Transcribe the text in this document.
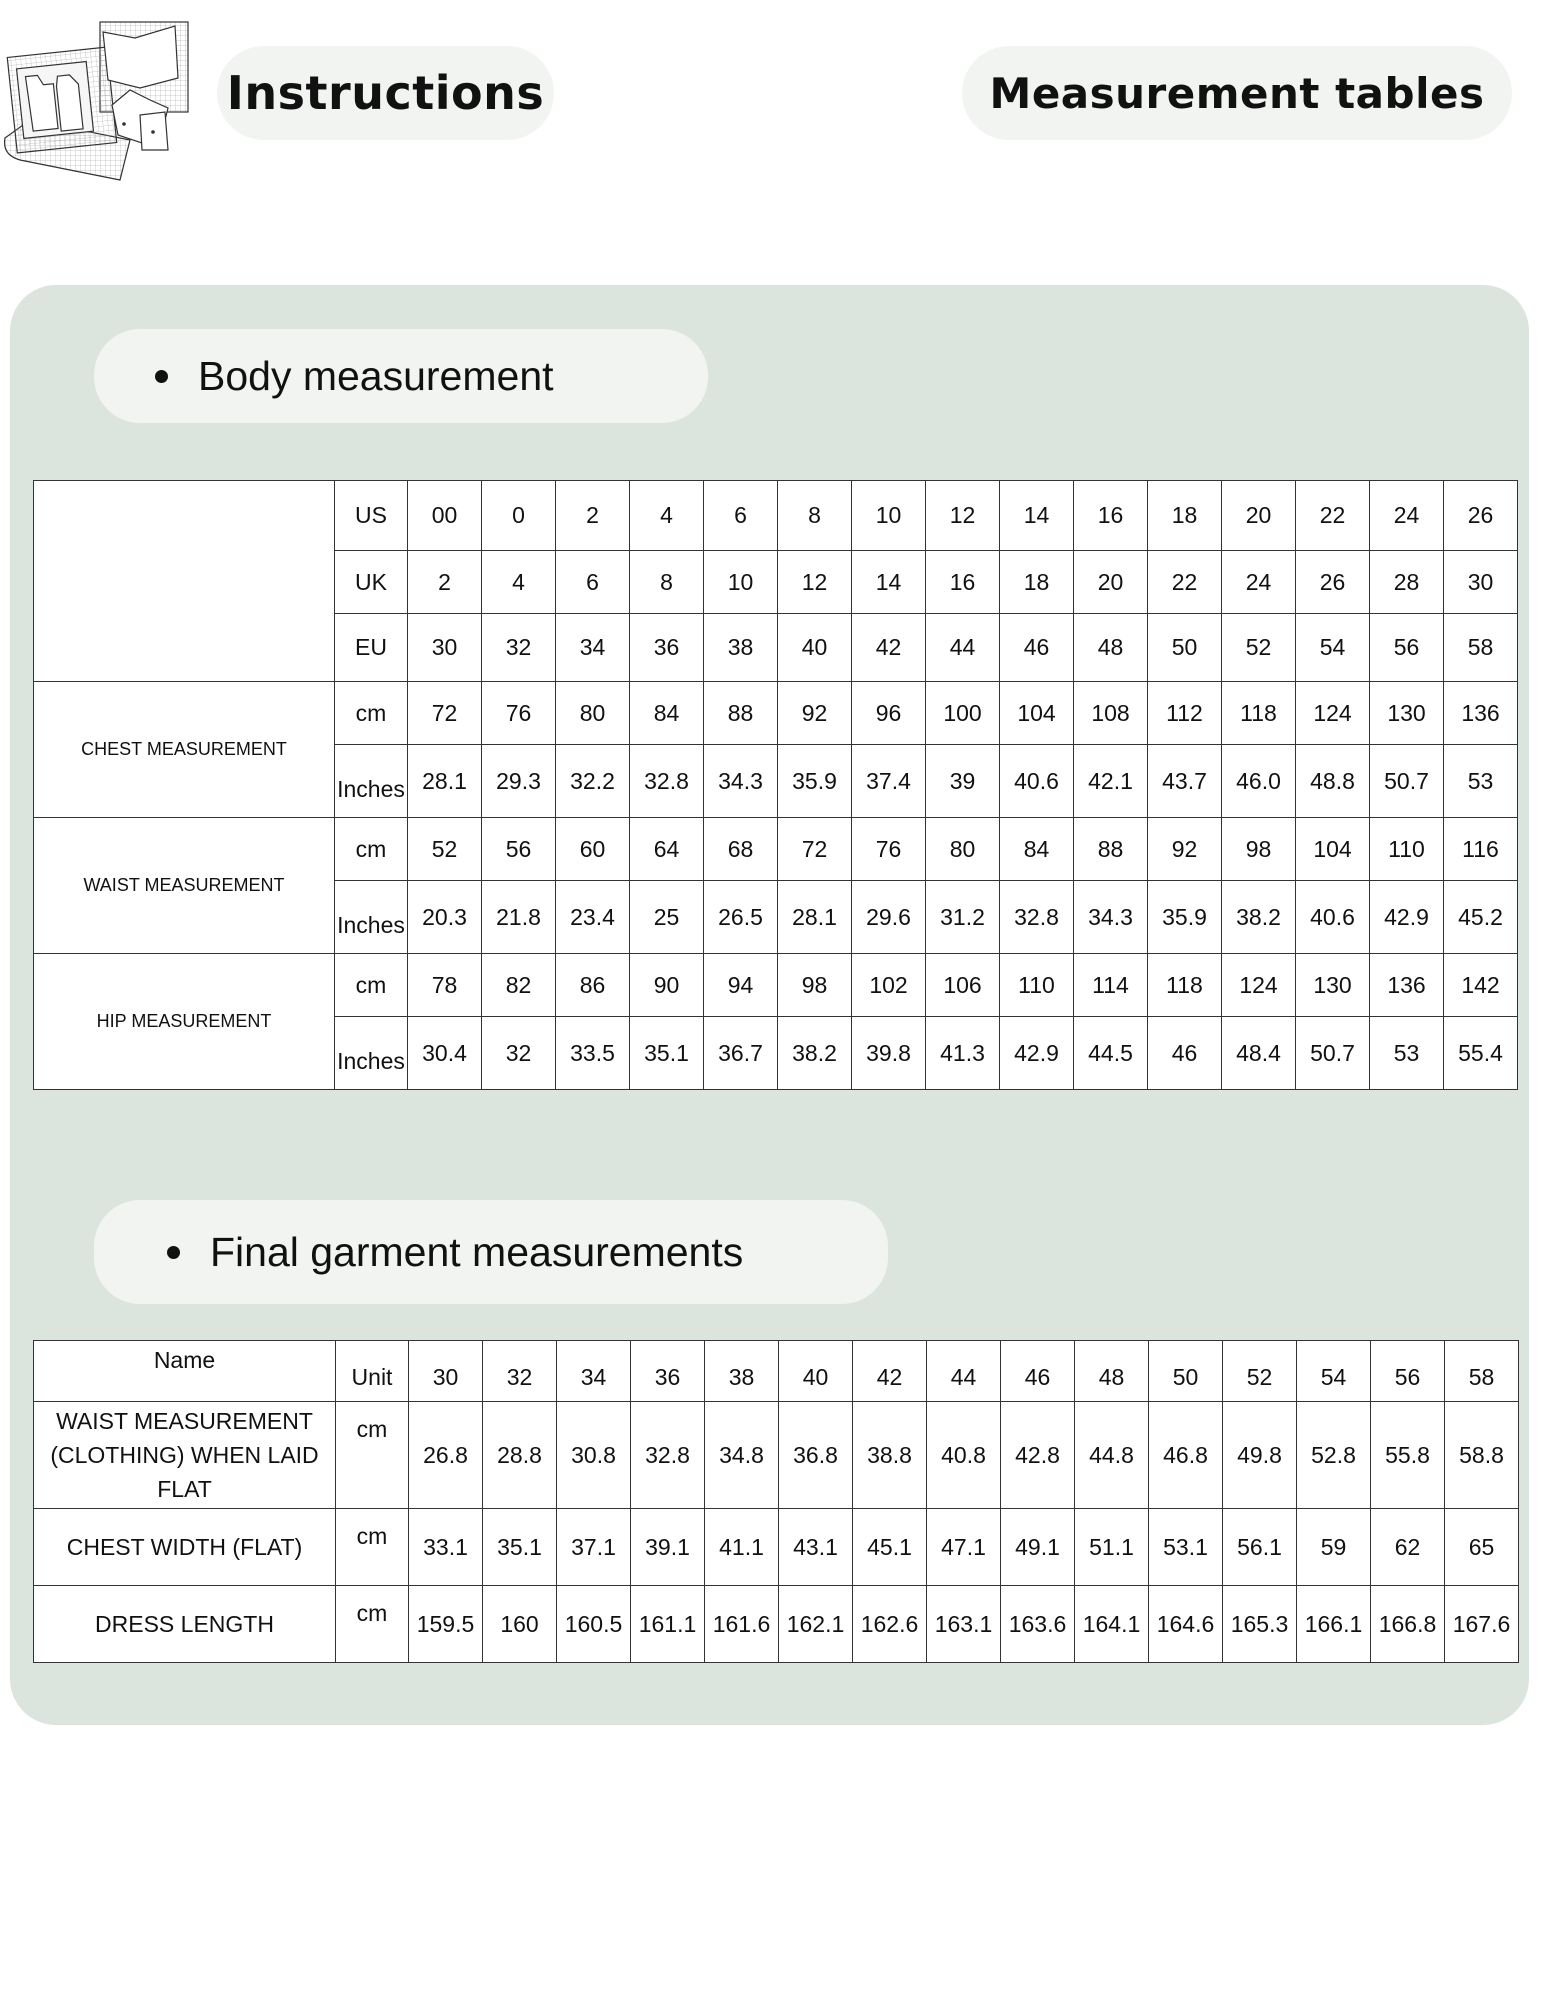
Instructions	Measurement tables
Body measurement
	US	00	0	2	4	6	8	10	12	14	16	18	20	22	24	26
	UK	2	4	6	8	10	12	14	16	18	20	22	24	26	28	30
	EU	30	32	34	36	38	40	42	44	46	48	50	52	54	56	58
CHEST MEASUREMENT	cm	72	76	80	84	88	92	96	100	104	108	112	118	124	130	136
	Inches	28.1	29.3	32.2	32.8	34.3	35.9	37.4	39	40.6	42.1	43.7	46.0	48.8	50.7	53
WAIST MEASUREMENT	cm	52	56	60	64	68	72	76	80	84	88	92	98	104	110	116
	Inches	20.3	21.8	23.4	25	26.5	28.1	29.6	31.2	32.8	34.3	35.9	38.2	40.6	42.9	45.2
HIP MEASUREMENT	cm	78	82	86	90	94	98	102	106	110	114	118	124	130	136	142
	Inches	30.4	32	33.5	35.1	36.7	38.2	39.8	41.3	42.9	44.5	46	48.4	50.7	53	55.4
Final garment measurements
Name	Unit	30	32	34	36	38	40	42	44	46	48	50	52	54	56	58
WAIST MEASUREMENT (CLOTHING) WHEN LAID FLAT	cm	26.8	28.8	30.8	32.8	34.8	36.8	38.8	40.8	42.8	44.8	46.8	49.8	52.8	55.8	58.8
CHEST WIDTH (FLAT)	cm	33.1	35.1	37.1	39.1	41.1	43.1	45.1	47.1	49.1	51.1	53.1	56.1	59	62	65
DRESS LENGTH	cm	159.5	160	160.5	161.1	161.6	162.1	162.6	163.1	163.6	164.1	164.6	165.3	166.1	166.8	167.6
